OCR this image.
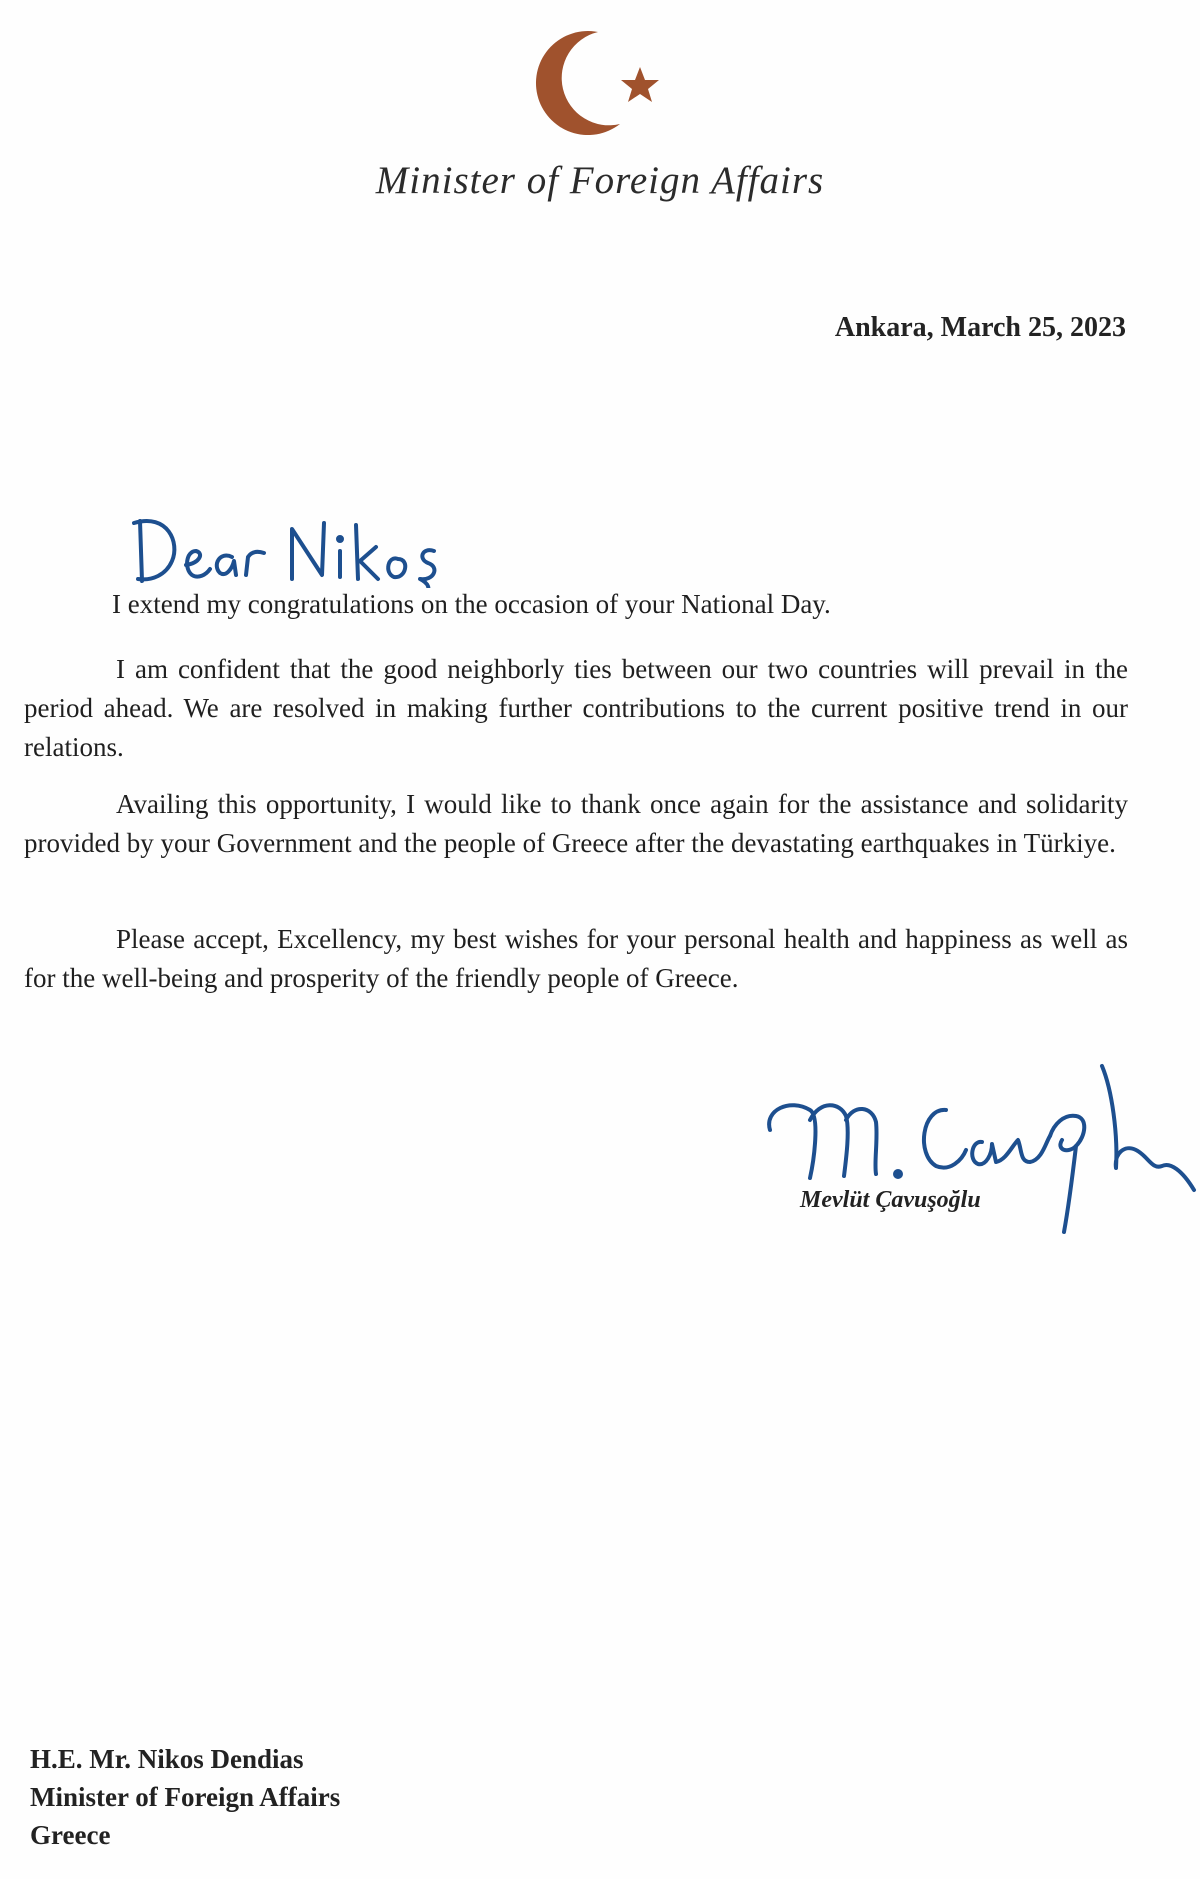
Minister of Foreign Affairs
Ankara, March 25, 2023

I extend my congratulations on the occasion of your National Day.

I am confident that the good neighborly ties between our two countries will prevail in the period ahead. We are resolved in making further contributions to the current positive trend in our relations.

Availing this opportunity, I would like to thank once again for the assistance and solidarity provided by your Government and the people of Greece after the devastating earthquakes in Türkiye.

Please accept, Excellency, my best wishes for your personal health and happiness as well as for the well-being and prosperity of the friendly people of Greece.

Mevlüt Çavuşoğlu
H.E. Mr. Nikos Dendias
Minister of Foreign Affairs
Greece
